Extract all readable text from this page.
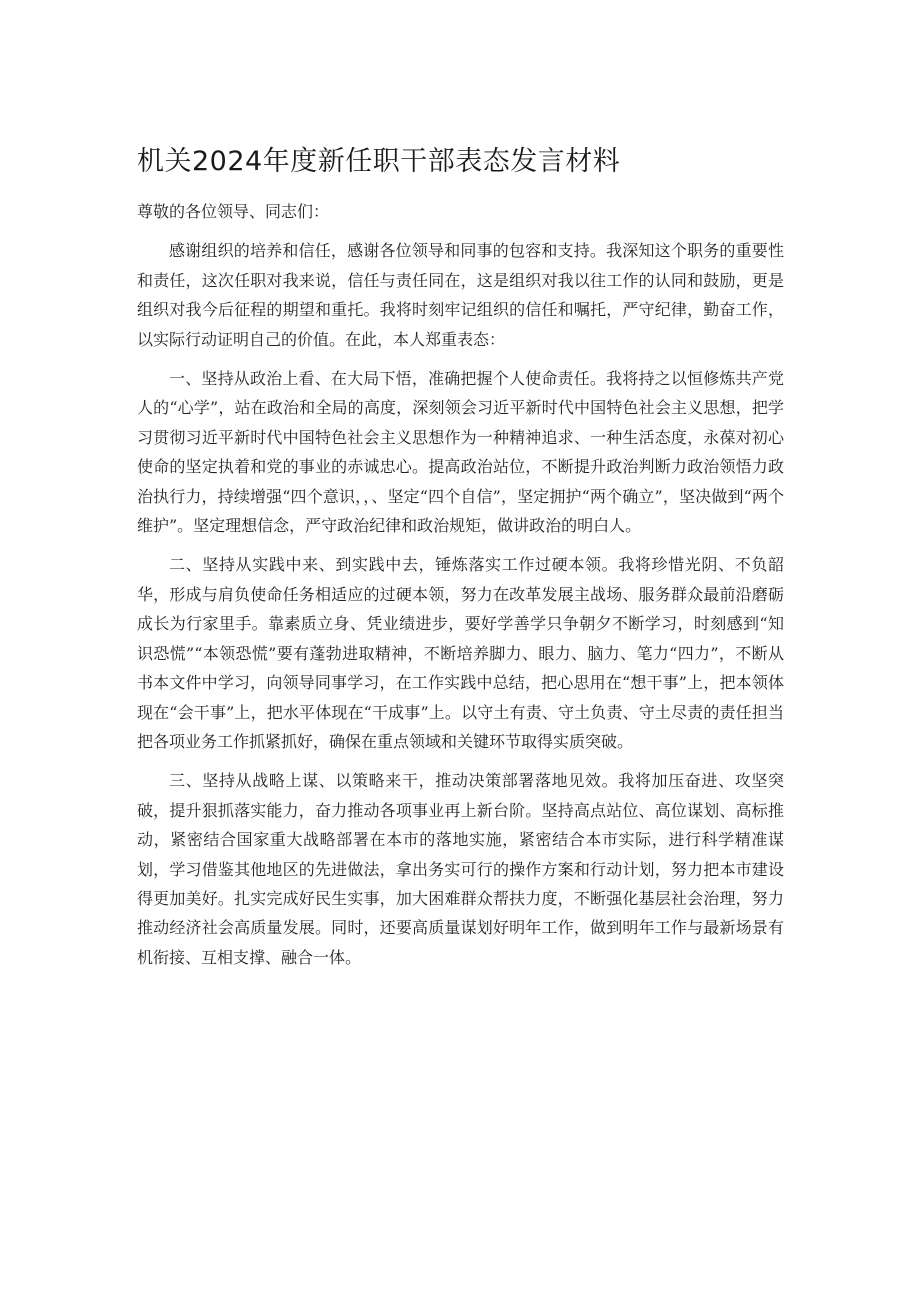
机关2024年度新任职干部表态发言材料

尊敬的各位领导、同志们：

感谢组织的培养和信任，感谢各位领导和同事的包容和支持。我深知这个职务的重要性和责任，这次任职对我来说，信任与责任同在，这是组织对我以往工作的认同和鼓励，更是组织对我今后征程的期望和重托。我将时刻牢记组织的信任和嘱托，严守纪律，勤奋工作，以实际行动证明自己的价值。在此，本人郑重表态：

一、坚持从政治上看、在大局下悟，准确把握个人使命责任。我将持之以恒修炼共产党人的“心学”，站在政治和全局的高度，深刻领会习近平新时代中国特色社会主义思想，把学习贯彻习近平新时代中国特色社会主义思想作为一种精神追求、一种生活态度，永葆对初心使命的坚定执着和党的事业的赤诚忠心。提高政治站位，不断提升政治判断力政治领悟力政治执行力，持续增强“四个意识，，、坚定“四个自信”，坚定拥护“两个确立”，坚决做到“两个维护”。坚定理想信念，严守政治纪律和政治规矩，做讲政治的明白人。

二、坚持从实践中来、到实践中去，锤炼落实工作过硬本领。我将珍惜光阴、不负韶华，形成与肩负使命任务相适应的过硬本领，努力在改革发展主战场、服务群众最前沿磨砺成长为行家里手。靠素质立身、凭业绩进步，要好学善学只争朝夕不断学习，时刻感到“知识恐慌”“本领恐慌”要有蓬勃进取精神，不断培养脚力、眼力、脑力、笔力“四力”，不断从书本文件中学习，向领导同事学习，在工作实践中总结，把心思用在“想干事”上，把本领体现在“会干事”上，把水平体现在“干成事”上。以守土有责、守土负责、守土尽责的责任担当把各项业务工作抓紧抓好，确保在重点领域和关键环节取得实质突破。

三、坚持从战略上谋、以策略来干，推动决策部署落地见效。我将加压奋进、攻坚突破，提升狠抓落实能力，奋力推动各项事业再上新台阶。坚持高点站位、高位谋划、高标推动，紧密结合国家重大战略部署在本市的落地实施，紧密结合本市实际，进行科学精准谋划，学习借鉴其他地区的先进做法，拿出务实可行的操作方案和行动计划，努力把本市建设得更加美好。扎实完成好民生实事，加大困难群众帮扶力度，不断强化基层社会治理，努力推动经济社会高质量发展。同时，还要高质量谋划好明年工作，做到明年工作与最新场景有机衔接、互相支撑、融合一体。
